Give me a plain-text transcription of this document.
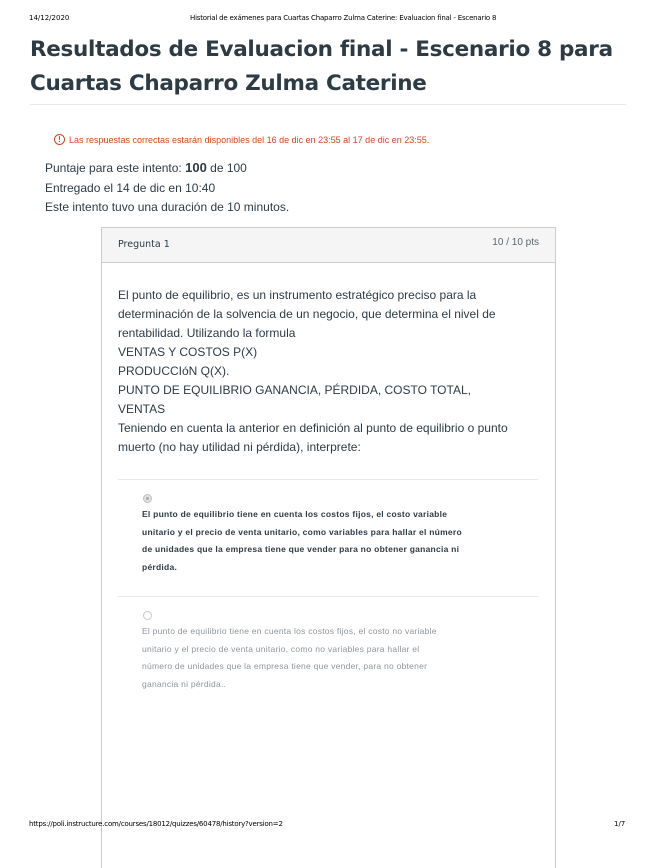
14/12/2020	Historial de exámenes para Cuartas Chaparro Zulma Caterine: Evaluacion final - Escenario 8
Resultados de Evaluacion final - Escenario 8 para Cuartas Chaparro Zulma Caterine
! Las respuestas correctas estarán disponibles del 16 de dic en 23:55 al 17 de dic en 23:55.
Puntaje para este intento: 100 de 100
Entregado el 14 de dic en 10:40
Este intento tuvo una duración de 10 minutos.
Pregunta 1	10 / 10 pts
El punto de equilibrio, es un instrumento estratégico preciso para la
determinación de la solvencia de un negocio, que determina el nivel de
rentabilidad. Utilizando la formula
VENTAS Y COSTOS P(X)
PRODUCCIóN Q(X).
PUNTO DE EQUILIBRIO GANANCIA, PÉRDIDA, COSTO TOTAL,
VENTAS
Teniendo en cuenta la anterior en definición al punto de equilibrio o punto
muerto (no hay utilidad ni pérdida), interprete:
El punto de equilibrio tiene en cuenta los costos fijos, el costo variable
unitario y el precio de venta unitario, como variables para hallar el número
de unidades que la empresa tiene que vender para no obtener ganancia ni
pérdida.
El punto de equilibrio tiene en cuenta los costos fijos, el costo no variable
unitario y el precio de venta unitario, como no variables para hallar el
número de unidades que la empresa tiene que vender, para no obtener
ganancia ni pérdida..
https://poli.instructure.com/courses/18012/quizzes/60478/history?version=2	1/7
